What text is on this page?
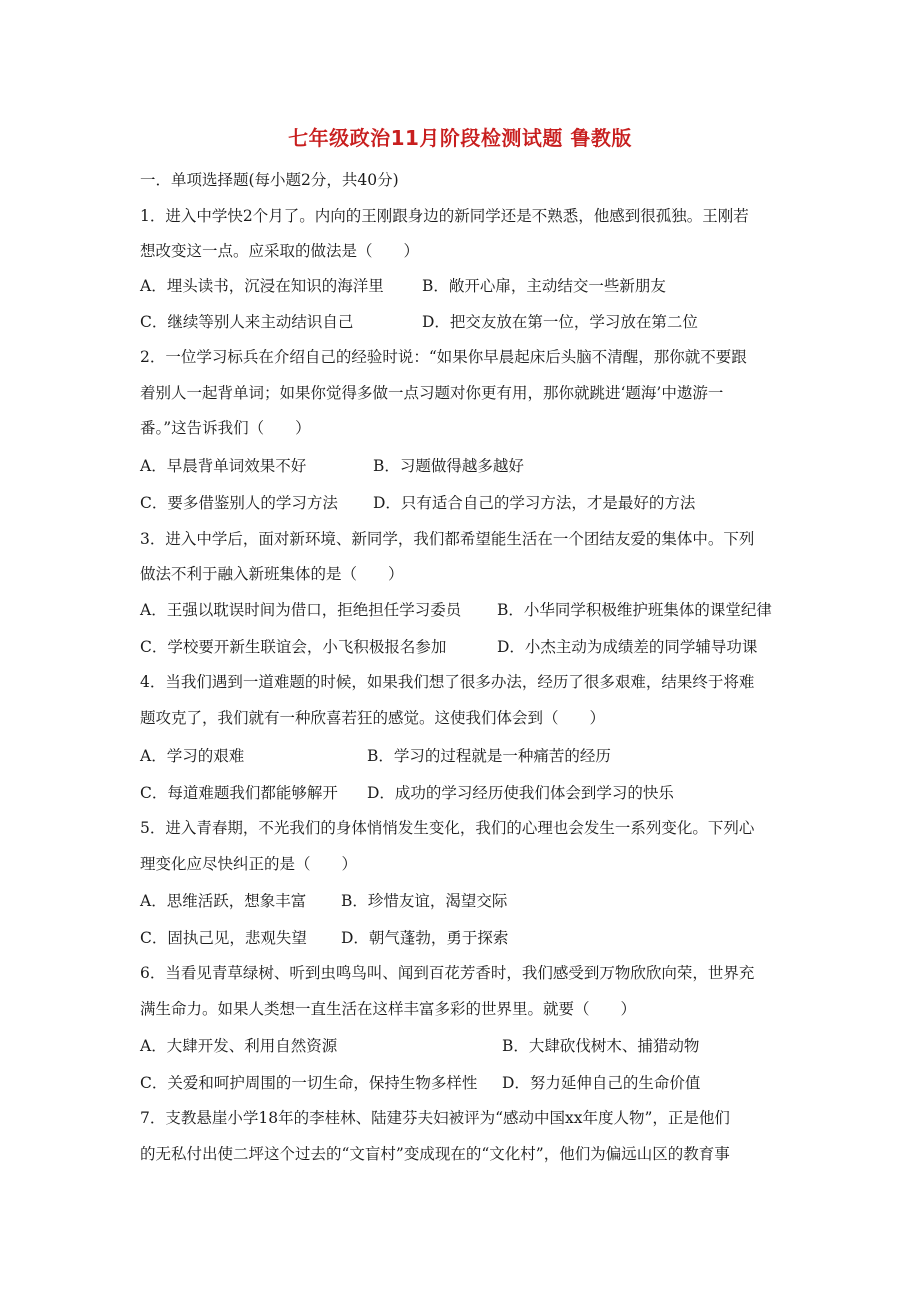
七年级政治11月阶段检测试题 鲁教版
一．单项选择题(每小题2分，共40分)
1．进入中学快2个月了。内向的王刚跟身边的新同学还是不熟悉，他感到很孤独。王刚若
想改变这一点。应采取的做法是（　　）
A．埋头读书，沉浸在知识的海洋里 B．敞开心扉，主动结交一些新朋友
C．继续等别人来主动结识自己	D．把交友放在第一位，学习放在第二位
2．一位学习标兵在介绍自己的经验时说：“如果你早晨起床后头脑不清醒，那你就不要跟
着别人一起背单词；如果你觉得多做一点习题对你更有用，那你就跳进‘题海’中遨游一
番。”这告诉我们（　　）
A．早晨背单词效果不好	B．习题做得越多越好
C．要多借鉴别人的学习方法 D．只有适合自己的学习方法，才是最好的方法
3．进入中学后，面对新环境、新同学，我们都希望能生活在一个团结友爱的集体中。下列
做法不利于融入新班集体的是（　　）
A．王强以耽误时间为借口，拒绝担任学习委员 B．小华同学积极维护班集体的课堂纪律
C．学校要开新生联谊会，小飞积极报名参加	D．小杰主动为成绩差的同学辅导功课
4．当我们遇到一道难题的时候，如果我们想了很多办法，经历了很多艰难，结果终于将难
题攻克了，我们就有一种欣喜若狂的感觉。这使我们体会到（　　）
A．学习的艰难	B．学习的过程就是一种痛苦的经历
C．每道难题我们都能够解开 D．成功的学习经历使我们体会到学习的快乐
5．进入青春期，不光我们的身体悄悄发生变化，我们的心理也会发生一系列变化。下列心
理变化应尽快纠正的是（　　）
A．思维活跃，想象丰富 B．珍惜友谊，渴望交际
C．固执己见，悲观失望 D．朝气蓬勃，勇于探索
6．当看见青草绿树、听到虫鸣鸟叫、闻到百花芳香时，我们感受到万物欣欣向荣，世界充
满生命力。如果人类想一直生活在这样丰富多彩的世界里。就要（　　）
A．大肆开发、利用自然资源	B．大肆砍伐树木、捕猎动物
C．关爱和呵护周围的一切生命，保持生物多样性 D．努力延伸自己的生命价值
7．支教悬崖小学18年的李桂林、陆建芬夫妇被评为“感动中国xx年度人物”，正是他们
的无私付出使二坪这个过去的“文盲村”变成现在的“文化村”，他们为偏远山区的教育事
